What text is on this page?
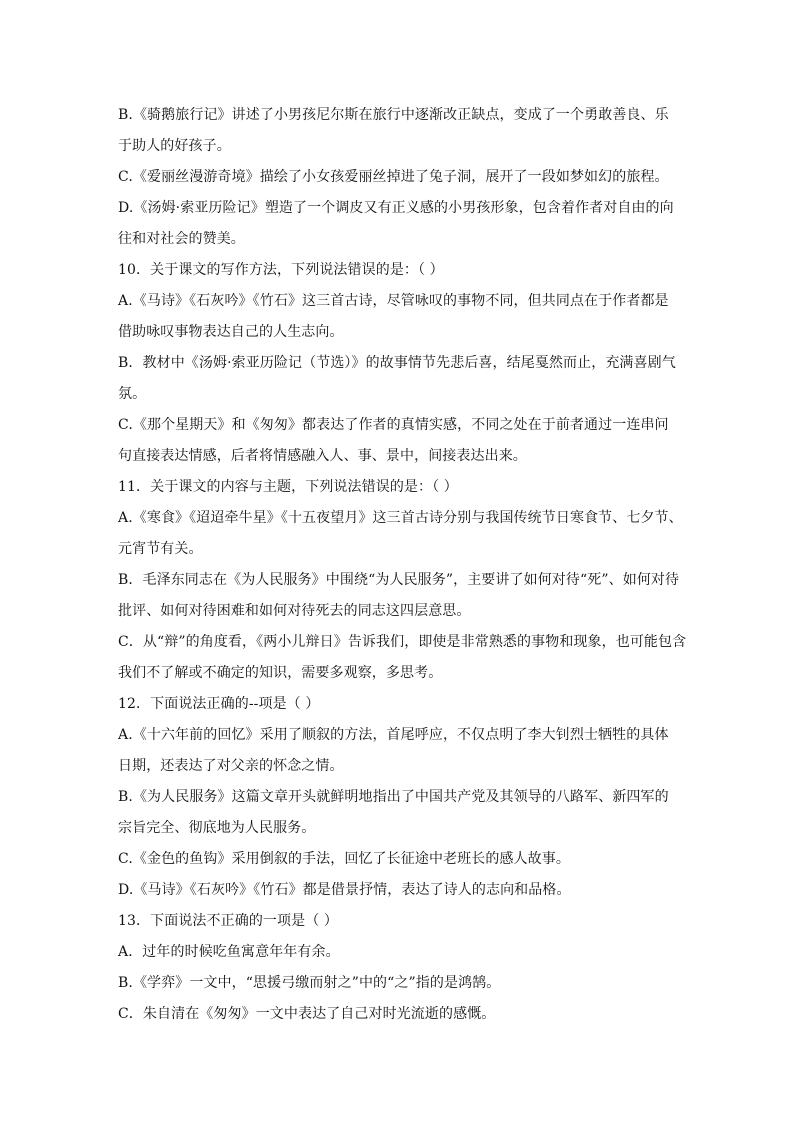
B.《骑鹅旅行记》讲述了小男孩尼尔斯在旅行中逐渐改正缺点，变成了一个勇敢善良、乐
于助人的好孩子。
C.《爱丽丝漫游奇境》描绘了小女孩爱丽丝掉进了兔子洞，展开了一段如梦如幻的旅程。
D.《汤姆·索亚历险记》塑造了一个调皮又有正义感的小男孩形象，包含着作者对自由的向
往和对社会的赞美。
10．关于课文的写作方法，下列说法错误的是：（ ）
A.《马诗》《石灰吟》《竹石》这三首古诗，尽管咏叹的事物不同，但共同点在于作者都是
借助咏叹事物表达自己的人生志向。
B．教材中《汤姆·索亚历险记（节选）》的故事情节先悲后喜，结尾戛然而止，充满喜剧气
氛。
C.《那个星期天》和《匆匆》都表达了作者的真情实感，不同之处在于前者通过一连串问
句直接表达情感，后者将情感融入人、事、景中，间接表达出来。
11．关于课文的内容与主题，下列说法错误的是：（ ）
A.《寒食》《迢迢牵牛星》《十五夜望月》这三首古诗分别与我国传统节日寒食节、七夕节、
元宵节有关。
B．毛泽东同志在《为人民服务》中围绕“为人民服务”，主要讲了如何对待“死”、如何对待
批评、如何对待困难和如何对待死去的同志这四层意思。
C．从“辩”的角度看，《两小儿辩日》告诉我们，即使是非常熟悉的事物和现象，也可能包含
我们不了解或不确定的知识，需要多观察，多思考。
12．下面说法正确的--项是（ ）
A.《十六年前的回忆》采用了顺叙的方法，首尾呼应，不仅点明了李大钊烈士牺牲的具体
日期，还表达了对父亲的怀念之情。
B.《为人民服务》这篇文章开头就鲜明地指出了中国共产党及其领导的八路军、新四军的
宗旨完全、彻底地为人民服务。
C.《金色的鱼钩》采用倒叙的手法，回忆了长征途中老班长的感人故事。
D.《马诗》《石灰吟》《竹石》都是借景抒情，表达了诗人的志向和品格。
13．下面说法不正确的一项是（ ）
A．过年的时候吃鱼寓意年年有余。
B.《学弈》一文中，“思援弓缴而射之”中的“之”指的是鸿鹄。
C．朱自清在《匆匆》一文中表达了自己对时光流逝的感慨。
